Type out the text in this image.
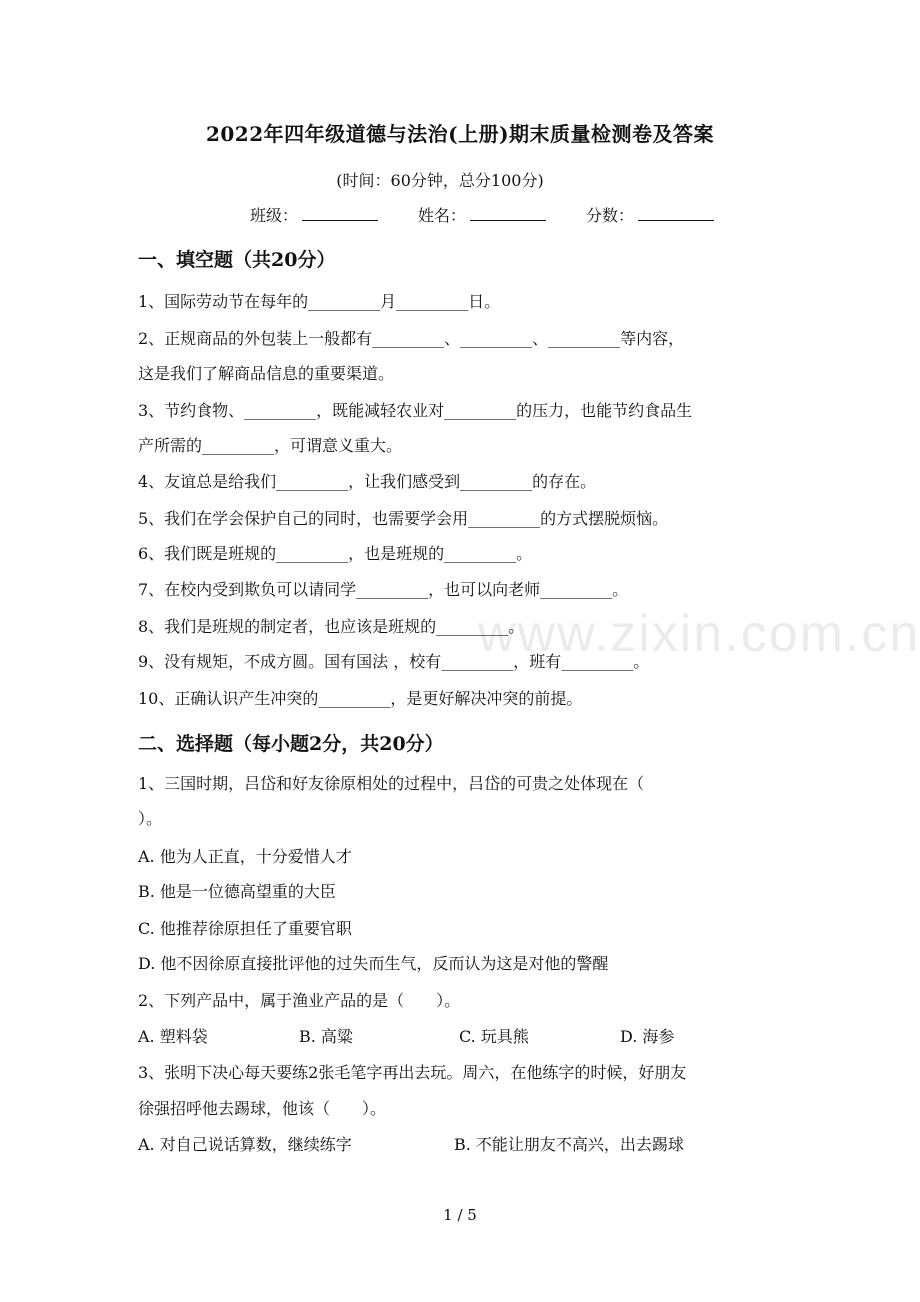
www.zixin.com.cn
2022年四年级道德与法治(上册)期末质量检测卷及答案
(时间：60分钟，总分100分)
班级：	姓名：	分数：
一、填空题（共20分）
1、国际劳动节在每年的_________月_________日。
2、正规商品的外包装上一般都有_________、_________、_________等内容，
这是我们了解商品信息的重要渠道。
3、节约食物、_________，既能减轻农业对_________的压力，也能节约食品生
产所需的_________，可谓意义重大。
4、友谊总是给我们_________，让我们感受到_________的存在。
5、我们在学会保护自己的同时，也需要学会用_________的方式摆脱烦恼。
6、我们既是班规的_________，也是班规的_________。
7、在校内受到欺负可以请同学_________，也可以向老师_________。
8、我们是班规的制定者，也应该是班规的_________。
9、没有规矩，不成方圆。国有国法 ，校有_________，班有_________。
10、正确认识产生冲突的_________，是更好解决冲突的前提。
二、选择题（每小题2分，共20分）
1、三国时期，吕岱和好友徐原相处的过程中，吕岱的可贵之处体现在（
）。
A. 他为人正直，十分爱惜人才
B. 他是一位德高望重的大臣
C. 他推荐徐原担任了重要官职
D. 他不因徐原直接批评他的过失而生气，反而认为这是对他的警醒
2、下列产品中，属于渔业产品的是（　　）。
A. 塑料袋	B. 高粱	C. 玩具熊	D. 海参
3、张明下决心每天要练2张毛笔字再出去玩。周六，在他练字的时候，好朋友
徐强招呼他去踢球，他该（　　）。
A. 对自己说话算数，继续练字	B. 不能让朋友不高兴，出去踢球
1 / 5
